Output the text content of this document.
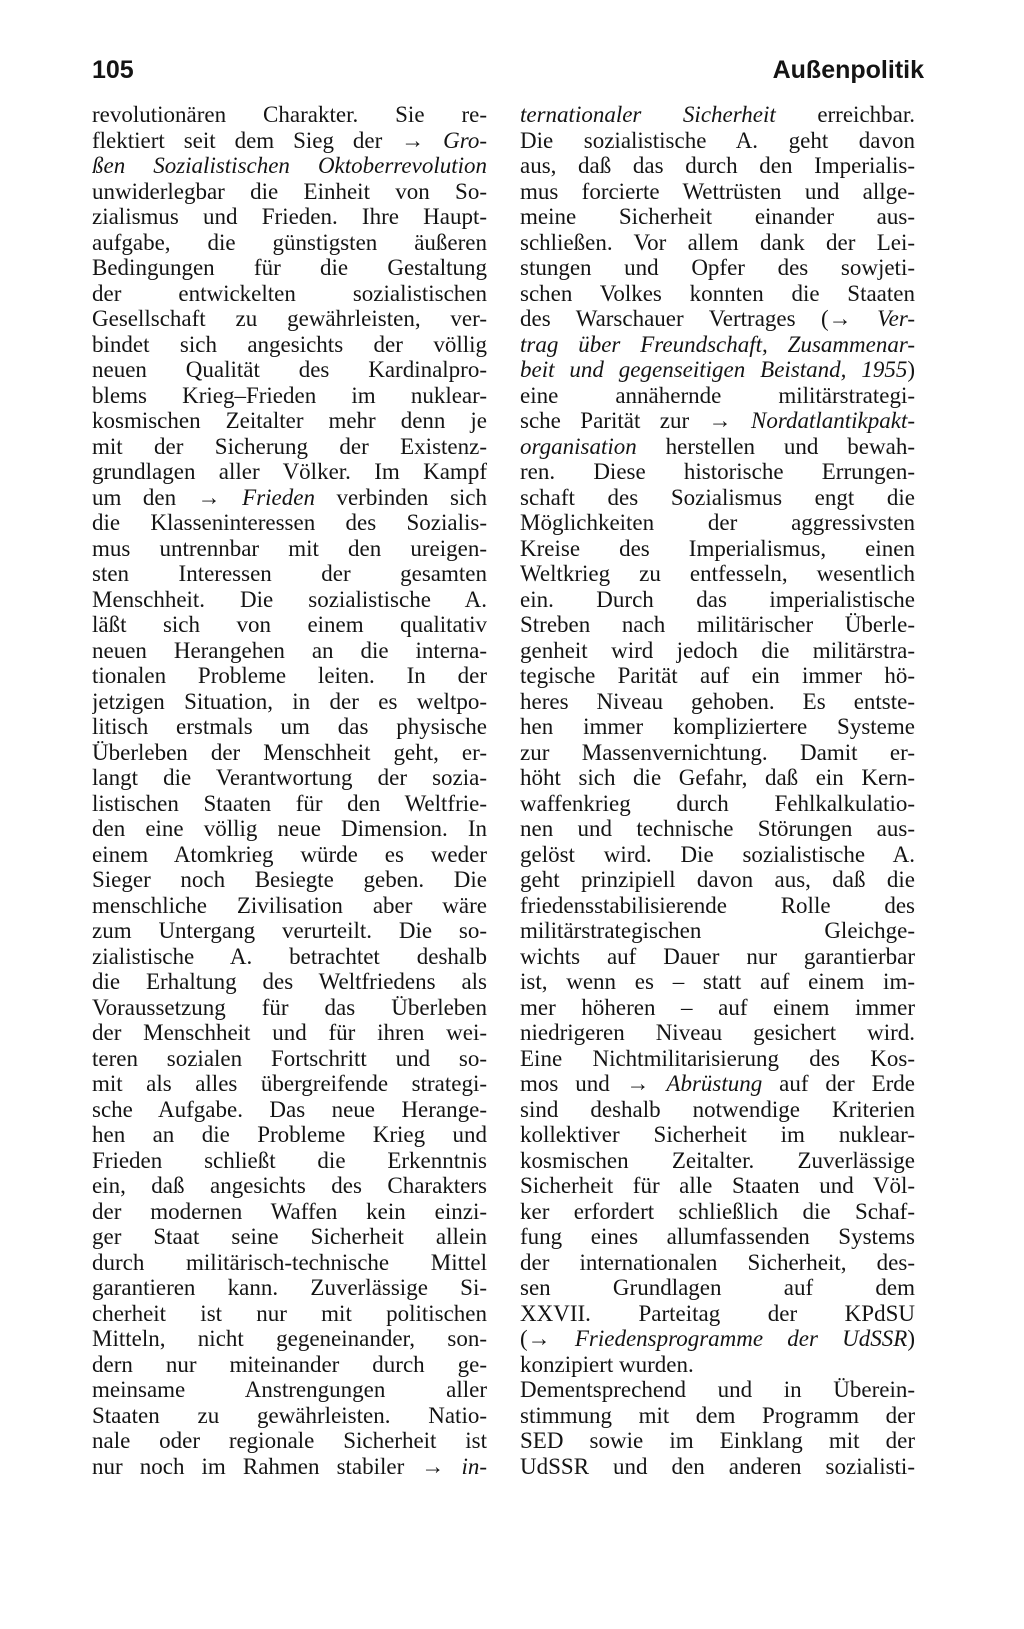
105	Außenpolitik
revolutionären Charakter. Sie re-
flektiert seit dem Sieg der → Gro-
ßen Sozialistischen Oktoberrevolution
unwiderlegbar die Einheit von So-
zialismus und Frieden. Ihre Haupt-
aufgabe, die günstigsten äußeren
Bedingungen für die Gestaltung
der entwickelten sozialistischen
Gesellschaft zu gewährleisten, ver-
bindet sich angesichts der völlig
neuen Qualität des Kardinalpro-
blems Krieg–Frieden im nuklear-
kosmischen Zeitalter mehr denn je
mit der Sicherung der Existenz-
grundlagen aller Völker. Im Kampf
um den → Frieden verbinden sich
die Klasseninteressen des Sozialis-
mus untrennbar mit den ureigen-
sten Interessen der gesamten
Menschheit. Die sozialistische A.
läßt sich von einem qualitativ
neuen Herangehen an die interna-
tionalen Probleme leiten. In der
jetzigen Situation, in der es weltpo-
litisch erstmals um das physische
Überleben der Menschheit geht, er-
langt die Verantwortung der sozia-
listischen Staaten für den Weltfrie-
den eine völlig neue Dimension. In
einem Atomkrieg würde es weder
Sieger noch Besiegte geben. Die
menschliche Zivilisation aber wäre
zum Untergang verurteilt. Die so-
zialistische A. betrachtet deshalb
die Erhaltung des Weltfriedens als
Voraussetzung für das Überleben
der Menschheit und für ihren wei-
teren sozialen Fortschritt und so-
mit als alles übergreifende strategi-
sche Aufgabe. Das neue Herange-
hen an die Probleme Krieg und
Frieden schließt die Erkenntnis
ein, daß angesichts des Charakters
der modernen Waffen kein einzi-
ger Staat seine Sicherheit allein
durch militärisch-technische Mittel
garantieren kann. Zuverlässige Si-
cherheit ist nur mit politischen
Mitteln, nicht gegeneinander, son-
dern nur miteinander durch ge-
meinsame Anstrengungen aller
Staaten zu gewährleisten. Natio-
nale oder regionale Sicherheit ist
nur noch im Rahmen stabiler → in-
ternationaler Sicherheit erreichbar.
Die sozialistische A. geht davon
aus, daß das durch den Imperialis-
mus forcierte Wettrüsten und allge-
meine Sicherheit einander aus-
schließen. Vor allem dank der Lei-
stungen und Opfer des sowjeti-
schen Volkes konnten die Staaten
des Warschauer Vertrages (→ Ver-
trag über Freundschaft, Zusammenar-
beit und gegenseitigen Beistand, 1955)
eine annähernde militärstrategi-
sche Parität zur → Nordatlantikpakt-
organisation herstellen und bewah-
ren. Diese historische Errungen-
schaft des Sozialismus engt die
Möglichkeiten der aggressivsten
Kreise des Imperialismus, einen
Weltkrieg zu entfesseln, wesentlich
ein. Durch das imperialistische
Streben nach militärischer Überle-
genheit wird jedoch die militärstra-
tegische Parität auf ein immer hö-
heres Niveau gehoben. Es entste-
hen immer kompliziertere Systeme
zur Massenvernichtung. Damit er-
höht sich die Gefahr, daß ein Kern-
waffenkrieg durch Fehlkalkulatio-
nen und technische Störungen aus-
gelöst wird. Die sozialistische A.
geht prinzipiell davon aus, daß die
friedensstabilisierende Rolle des
militärstrategischen Gleichge-
wichts auf Dauer nur garantierbar
ist, wenn es – statt auf einem im-
mer höheren – auf einem immer
niedrigeren Niveau gesichert wird.
Eine Nichtmilitarisierung des Kos-
mos und → Abrüstung auf der Erde
sind deshalb notwendige Kriterien
kollektiver Sicherheit im nuklear-
kosmischen Zeitalter. Zuverlässige
Sicherheit für alle Staaten und Völ-
ker erfordert schließlich die Schaf-
fung eines allumfassenden Systems
der internationalen Sicherheit, des-
sen Grundlagen auf dem
XXVII. Parteitag der KPdSU
(→ Friedensprogramme der UdSSR)
konzipiert wurden.
Dementsprechend und in Überein-
stimmung mit dem Programm der
SED sowie im Einklang mit der
UdSSR und den anderen sozialisti-
